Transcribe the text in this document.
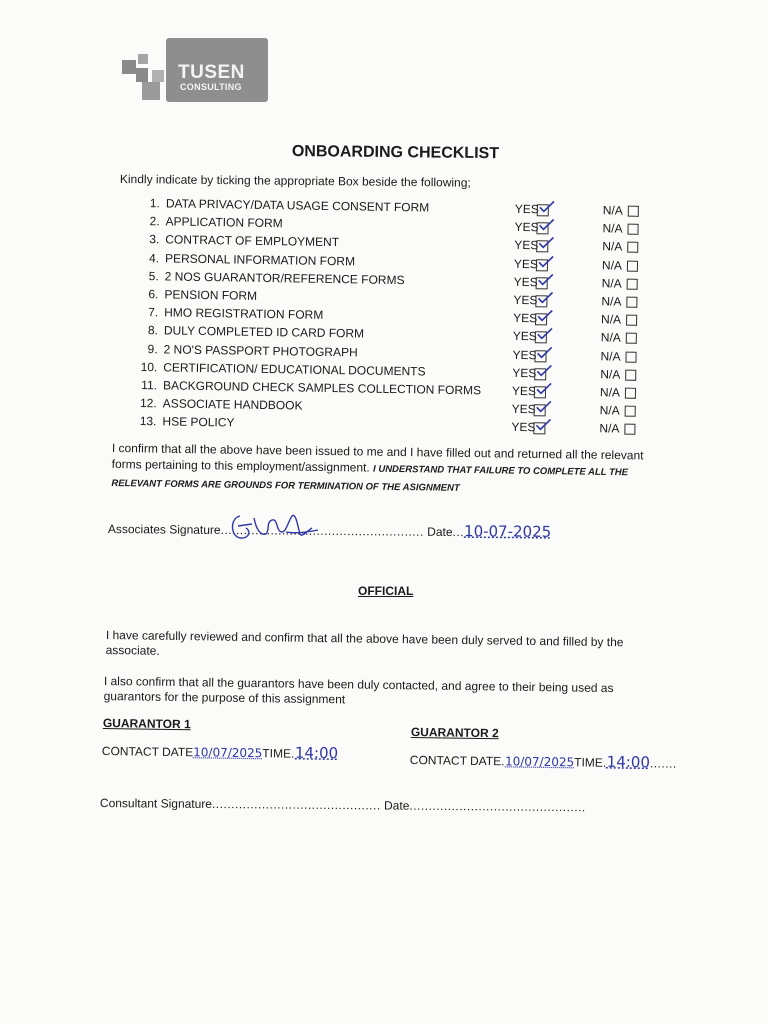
TUSEN
CONSULTING
ONBOARDING CHECKLIST
Kindly indicate by ticking the appropriate Box beside the following;
1. DATA PRIVACY/DATA USAGE CONSENT FORM	YES	N/A
2. APPLICATION FORM	YES	N/A
3. CONTRACT OF EMPLOYMENT	YES	N/A
4. PERSONAL INFORMATION FORM	YES	N/A
5. 2 NOS GUARANTOR/REFERENCE FORMS	YES	N/A
6. PENSION FORM	YES	N/A
7. HMO REGISTRATION FORM	YES	N/A
8. DULY COMPLETED ID CARD FORM	YES	N/A
9. 2 NO'S PASSPORT PHOTOGRAPH	YES	N/A
10. CERTIFICATION/ EDUCATIONAL DOCUMENTS	YES	N/A
11. BACKGROUND CHECK SAMPLES COLLECTION FORMS	YES	N/A
12. ASSOCIATE HANDBOOK	YES	N/A
13. HSE POLICY	YES	N/A
I confirm that all the above have been issued to me and I have filled out and returned all the relevant forms pertaining to this employment/assignment. I UNDERSTAND THAT FAILURE TO COMPLETE ALL THE RELEVANT FORMS ARE GROUNDS FOR TERMINATION OF THE ASIGNMENT
Associates Signature..................................................... Date...10-07-2025
OFFICIAL
I have carefully reviewed and confirm that all the above have been duly served to and filled by the associate.
I also confirm that all the guarantors have been duly contacted, and agree to their being used as guarantors for the purpose of this assignment
GUARANTOR 1
GUARANTOR 2
CONTACT DATE10/07/2025TIME.14:00	CONTACT DATE.10/07/2025TIME.14:00.......
Consultant Signature............................................ Date..............................................
